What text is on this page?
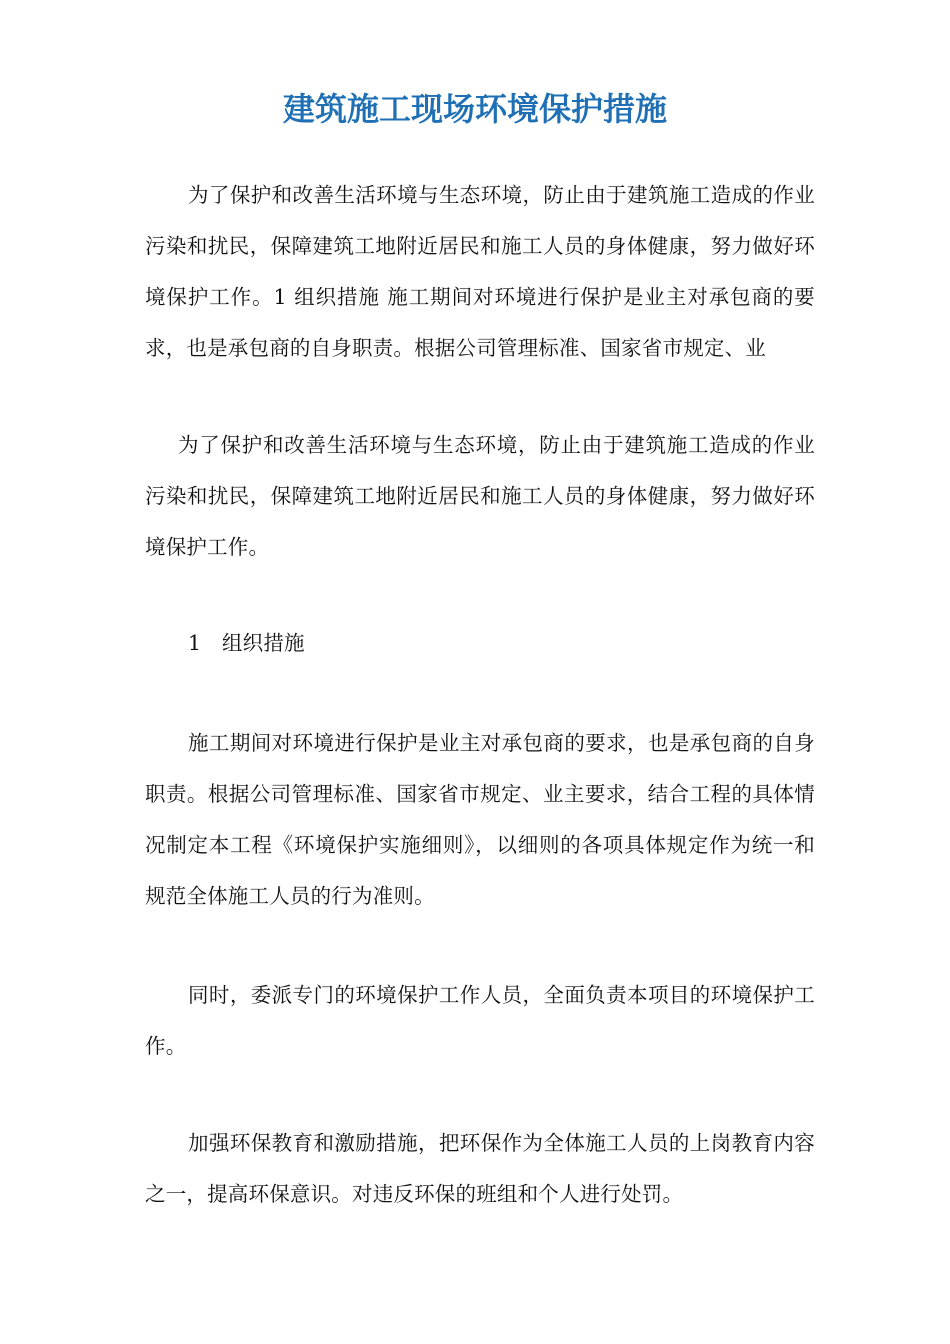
建筑施工现场环境保护措施

为了保护和改善生活环境与生态环境，防止由于建筑施工造成的作业污染和扰民，保障建筑工地附近居民和施工人员的身体健康，努力做好环境保护工作。1 组织措施 施工期间对环境进行保护是业主对承包商的要求，也是承包商的自身职责。根据公司管理标准、国家省市规定、业

为了保护和改善生活环境与生态环境，防止由于建筑施工造成的作业污染和扰民，保障建筑工地附近居民和施工人员的身体健康，努力做好环境保护工作。

1　组织措施

施工期间对环境进行保护是业主对承包商的要求，也是承包商的自身职责。根据公司管理标准、国家省市规定、业主要求，结合工程的具体情况制定本工程《环境保护实施细则》，以细则的各项具体规定作为统一和规范全体施工人员的行为准则。

同时，委派专门的环境保护工作人员，全面负责本项目的环境保护工作。

加强环保教育和激励措施，把环保作为全体施工人员的上岗教育内容之一，提高环保意识。对违反环保的班组和个人进行处罚。
